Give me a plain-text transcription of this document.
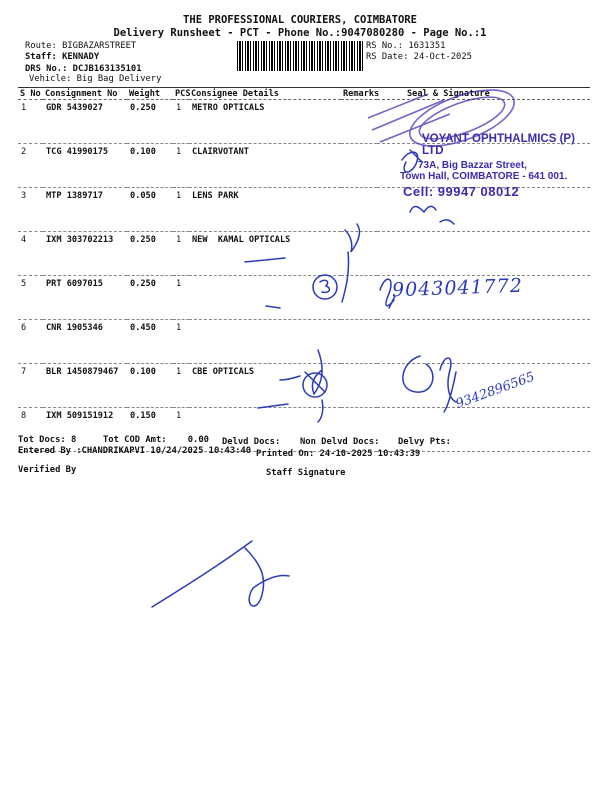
THE PROFESSIONAL COURIERS, COIMBATORE
Delivery Runsheet - PCT - Phone No.:9047080280 - Page No.:1
Route: BIGBAZARSTREET
Staff: KENNADY
DRS No.: DCJB163135101
Vehicle: Big Bag Delivery
RS No.: 1631351
RS Date: 24-Oct-2025
S No	Consignment No	Weight	PCS	Consignee Details	Remarks	Seal & Signature
1	GDR 5439027	0.250	1	METRO OPTICALS		
2	TCG 41990175	0.100	1	CLAIRVOTANT		
3	MTP 1389717	0.050	1	LENS PARK		
4	IXM 303702213	0.250	1	NEW  KAMAL OPTICALS		
5	PRT 6097015	0.250	1			
6	CNR 1905346	0.450	1			
7	BLR 1450879467	0.100	1	CBE OPTICALS		
8	IXM 509151912	0.150	1			
Tot Docs: 8	Tot COD Amt:    0.00 Delvd Docs: Non Delvd Docs: Delvy Pts:
Entered By :CHANDRIKAPVI 10/24/2025 10:43:40 Printed On: 24-10-2025 10:43:39
Verified By	Staff Signature
VOYANT OPHTHALMICS (P) LTD
73A, Big Bazzar Street,
Town Hall, COIMBATORE - 641 001.
Cell: 99947 08012
9043041772
9342896565
